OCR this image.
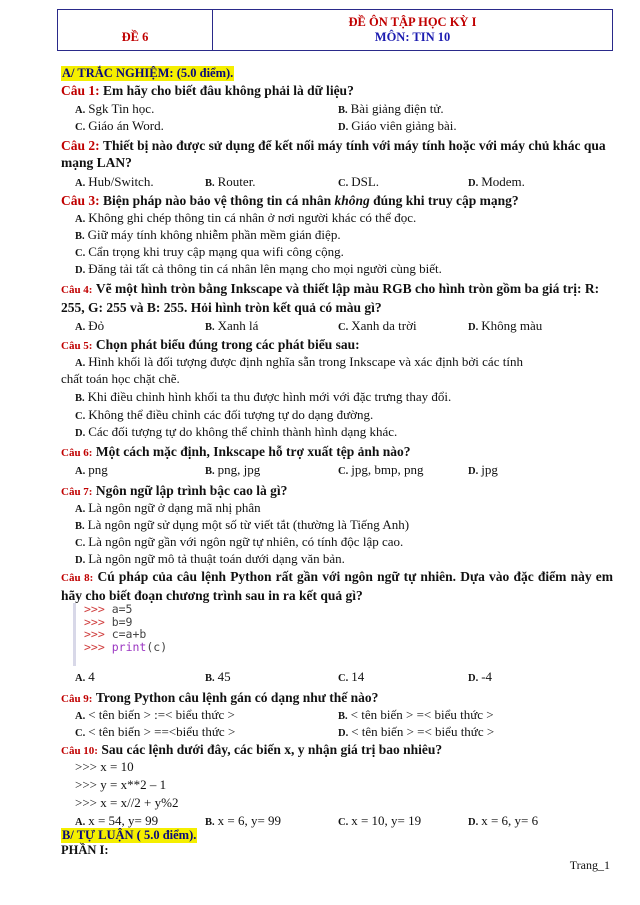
ĐỀ 6
ĐỀ ÔN TẬP HỌC KỲ I
MÔN: TIN 10
A/ TRẮC NGHIỆM: (5.0 điểm).
Câu 1: Em hãy cho biết đâu không phải là dữ liệu?
A. Sgk Tin học.	B. Bài giảng điện tử.
C. Giáo án Word.	D. Giáo viên giảng bài.
Câu 2: Thiết bị nào được sử dụng để kết nối máy tính với máy tính hoặc với máy chủ khác qua mạng LAN?
A. Hub/Switch.	B. Router.	C. DSL.	D. Modem.
Câu 3: Biện pháp nào bảo vệ thông tin cá nhân không đúng khi truy cập mạng?
A. Không ghi chép thông tin cá nhân ở nơi người khác có thể đọc.
B. Giữ máy tính không nhiễm phần mềm gián điệp.
C. Cẩn trọng khi truy cập mạng qua wifi công cộng.
D. Đăng tải tất cả thông tin cá nhân lên mạng cho mọi người cùng biết.
Câu 4: Vẽ một hình tròn bằng Inkscape và thiết lập màu RGB cho hình tròn gồm ba giá trị: R: 255, G: 255 và B: 255. Hỏi hình tròn kết quả có màu gì?
A. Đỏ	B. Xanh lá	C. Xanh da trời	D. Không màu
Câu 5: Chọn phát biểu đúng trong các phát biểu sau:
A. Hình khối là đối tượng được định nghĩa sẵn trong Inkscape và xác định bởi các tính
chất toán học chặt chẽ.
B. Khi điều chỉnh hình khối ta thu được hình mới với đặc trưng thay đổi.
C. Không thể điều chỉnh các đối tượng tự do dạng đường.
D. Các đối tượng tự do không thể chỉnh thành hình dạng khác.
Câu 6: Một cách mặc định, Inkscape hỗ trợ xuất tệp ảnh nào?
A. png	B. png, jpg	C. jpg, bmp, png	D. jpg
Câu 7: Ngôn ngữ lập trình bậc cao là gì?
A. Là ngôn ngữ ở dạng mã nhị phân
B. Là ngôn ngữ sử dụng một số từ viết tắt (thường là Tiếng Anh)
C. Là ngôn ngữ gần với ngôn ngữ tự nhiên, có tính độc lập cao.
D. Là ngôn ngữ mô tả thuật toán dưới dạng văn bản.
Câu 8: Cú pháp của câu lệnh Python rất gần với ngôn ngữ tự nhiên. Dựa vào đặc điểm này em hãy cho biết đoạn chương trình sau in ra kết quả gì?
>>> a=5
>>> b=9
>>> c=a+b
>>> print(c)
A. 4	B. 45	C. 14	D. -4
Câu 9: Trong Python câu lệnh gán có dạng như thế nào?
A. < tên biến > :=< biểu thức >	B. < tên biến > =< biểu thức >
C. < tên biến > ==<biểu thức >	D. < tên biến > =< biểu thức >
Câu 10: Sau các lệnh dưới đây, các biến x, y nhận giá trị bao nhiêu?
>>> x = 10
>>> y = x**2 – 1
>>> x = x//2 + y%2
A. x = 54, y= 99	B. x = 6, y= 99	C. x = 10, y= 19	D. x = 6, y= 6
B/ TỰ LUẬN ( 5.0 điểm).
PHẦN I:
Trang_1
